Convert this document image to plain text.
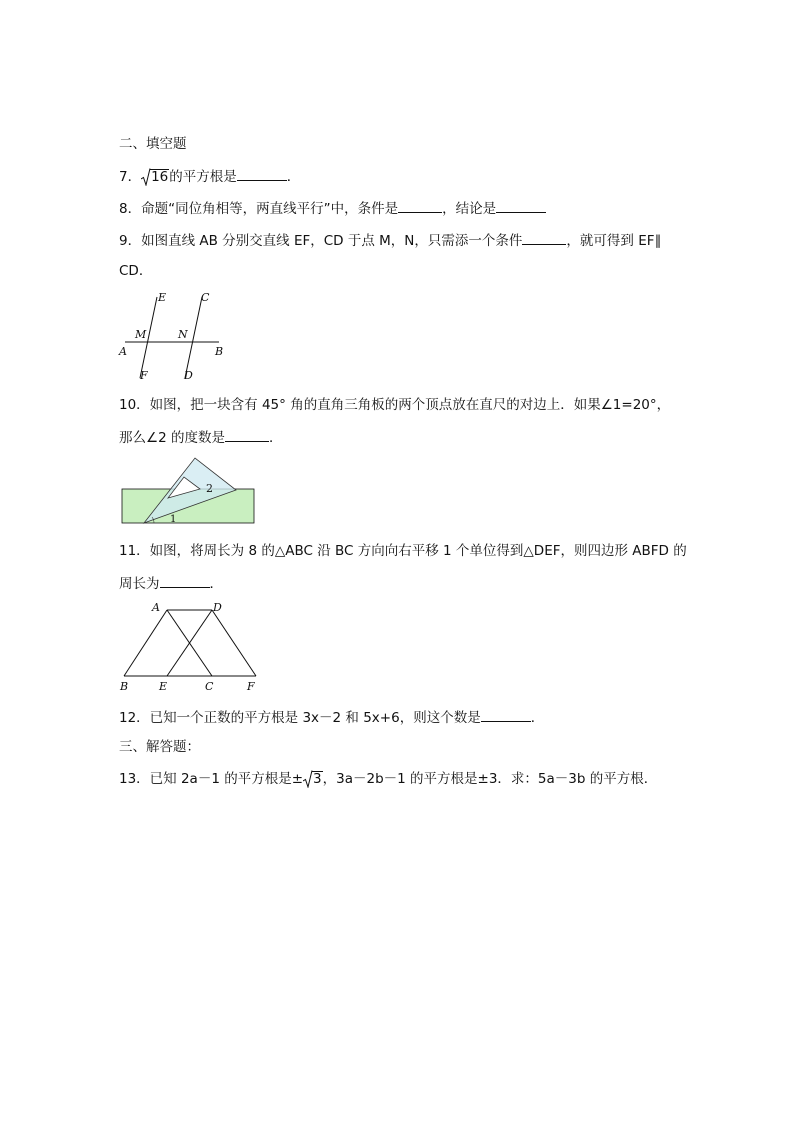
二、填空题
7． 16的平方根是	．
8．命题“同位角相等，两直线平行”中，条件是	，结论是
9．如图直线 AB 分别交直线 EF，CD 于点 M，N，只需添一个条件	，就可得到 EF∥
CD．
E	C
M	N
A	B
F	D
10．如图，把一块含有 45° 角的直角三角板的两个顶点放在直尺的对边上．如果∠1=20°，
那么∠2 的度数是	．
2
1
11．如图，将周长为 8 的△ABC 沿 BC 方向向右平移 1 个单位得到△DEF，则四边形 ABFD 的
周长为	．
A	D
B	E	C	F
12．已知一个正数的平方根是 3x－2 和 5x+6，则这个数是	．
三、解答题：
13．已知 2a－1 的平方根是± 3，3a－2b－1 的平方根是±3．求：5a－3b 的平方根．
